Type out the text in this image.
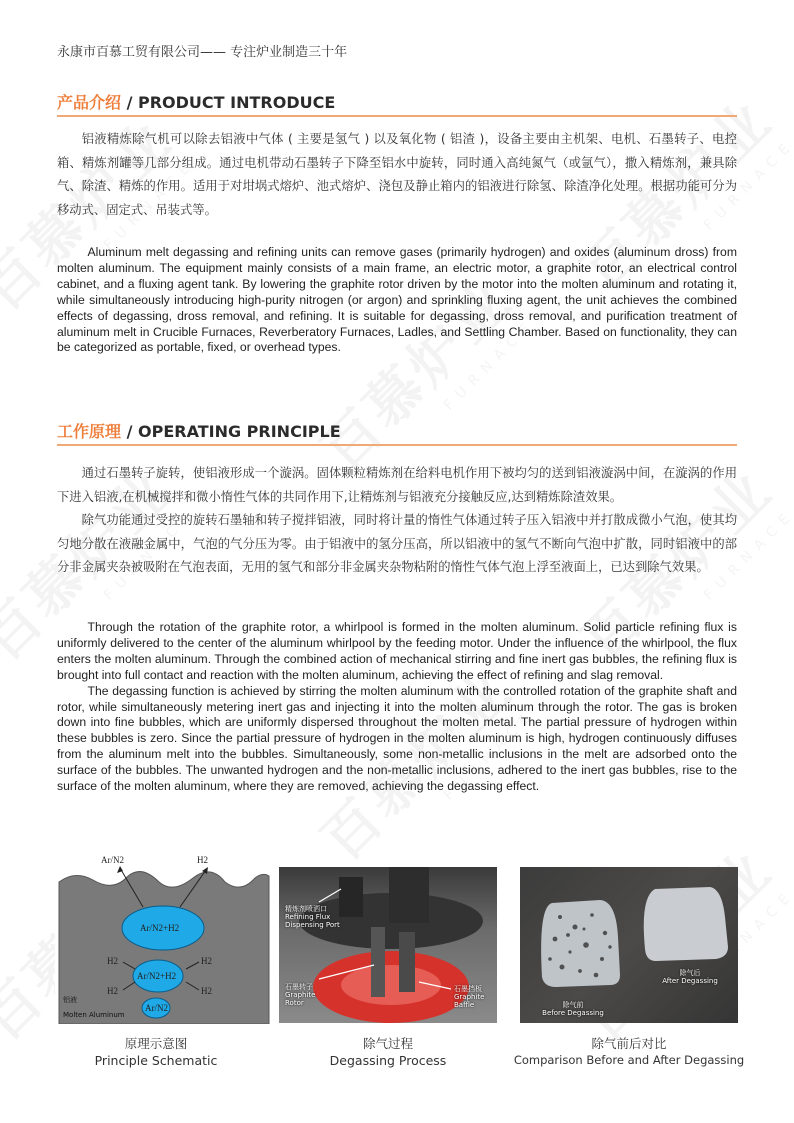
永康市百慕工贸有限公司—— 专注炉业制造三十年
产品介绍 / PRODUCT INTRODUCE

铝液精炼除气机可以除去铝液中气体 ( 主要是氢气 ) 以及氧化物 ( 铝渣 )，设备主要由主机架、电机、石墨转子、电控箱、精炼剂罐等几部分组成。通过电机带动石墨转子下降至铝水中旋转，同时通入高纯氮气（或氩气），撒入精炼剂，兼具除气、除渣、精炼的作用。适用于对坩埚式熔炉、池式熔炉、浇包及静止箱内的铝液进行除氢、除渣净化处理。根据功能可分为移动式、固定式、吊装式等。

Aluminum melt degassing and refining units can remove gases (primarily hydrogen) and oxides (aluminum dross) from molten aluminum. The equipment mainly consists of a main frame, an electric motor, a graphite rotor, an electrical control cabinet, and a fluxing agent tank. By lowering the graphite rotor driven by the motor into the molten aluminum and rotating it, while simultaneously introducing high-purity nitrogen (or argon) and sprinkling fluxing agent, the unit achieves the combined effects of degassing, dross removal, and refining. It is suitable for degassing, dross removal, and purification treatment of aluminum melt in Crucible Furnaces, Reverberatory Furnaces, Ladles, and Settling Chamber. Based on functionality, they can be categorized as portable, fixed, or overhead types.

工作原理 / OPERATING PRINCIPLE

通过石墨转子旋转，使铝液形成一个漩涡。固体颗粒精炼剂在给料电机作用下被均匀的送到铝液漩涡中间，在漩涡的作用下进入铝液,在机械搅拌和微小惰性气体的共同作用下,让精炼剂与铝液充分接触反应,达到精炼除渣效果。

除气功能通过受控的旋转石墨轴和转子搅拌铝液，同时将计量的惰性气体通过转子压入铝液中并打散成微小气泡，使其均匀地分散在液融金属中，气泡的气分压为零。由于铝液中的氢分压高，所以铝液中的氢气不断向气泡中扩散，同时铝液中的部分非金属夹杂被吸附在气泡表面，无用的氢气和部分非金属夹杂物粘附的惰性气体气泡上浮至液面上，已达到除气效果。

Through the rotation of the graphite rotor, a whirlpool is formed in the molten aluminum. Solid particle refining flux is uniformly delivered to the center of the aluminum whirlpool by the feeding motor. Under the influence of the whirlpool, the flux enters the molten aluminum. Through the combined action of mechanical stirring and fine inert gas bubbles, the refining flux is brought into full contact and reaction with the molten aluminum, achieving the effect of refining and slag removal.

The degassing function is achieved by stirring the molten aluminum with the controlled rotation of the graphite shaft and rotor, while simultaneously metering inert gas and injecting it into the molten aluminum through the rotor. The gas is broken down into fine bubbles, which are uniformly dispersed throughout the molten metal. The partial pressure of hydrogen within these bubbles is zero. Since the partial pressure of hydrogen in the molten aluminum is high, hydrogen continuously diffuses from the aluminum melt into the bubbles. Simultaneously, some non-metallic inclusions in the melt are adsorbed onto the surface of the bubbles. The unwanted hydrogen and the non-metallic inclusions, adhered to the inert gas bubbles, rise to the surface of the molten aluminum, where they are removed, achieving the degassing effect.

Ar/N2	H2
Ar/N2+H2
Ar/N2+H2
H2
H2
H2
H2
Ar/N2
铝液
Molten Aluminum
精炼剂喷洒口
Refining Flux
Dispensing Port
石墨转子
Graphite
Rotor
石墨挡板
Graphite
Baffle
除气后
After Degassing
除气前
Before Degassing
原理示意图
Principle Schematic
除气过程
Degassing Process
除气前后对比
Comparison Before and After Degassing
